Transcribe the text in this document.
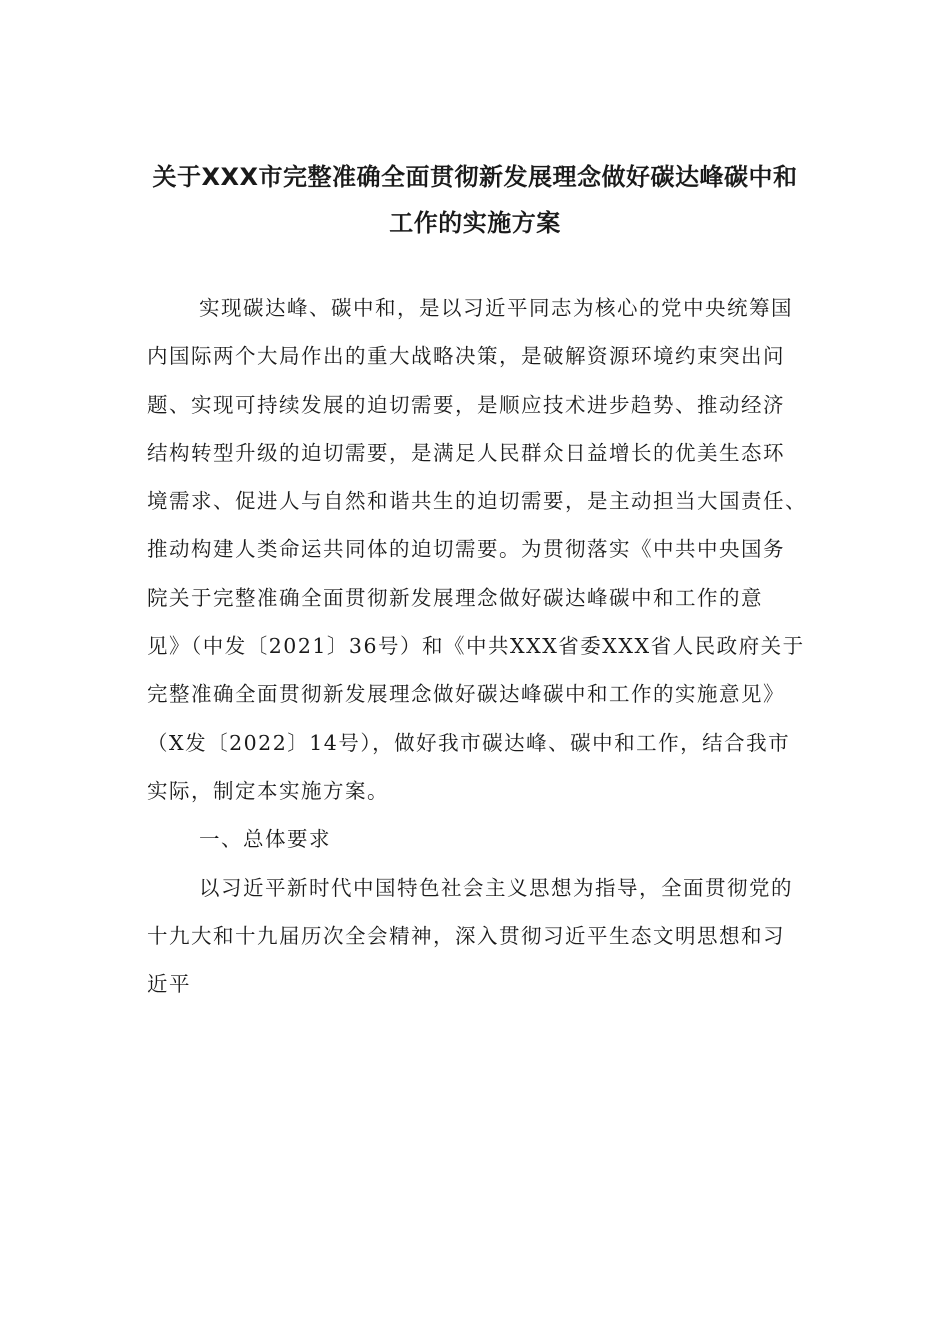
关于XXX市完整准确全面贯彻新发展理念做好碳达峰碳中和
工作的实施方案
实现碳达峰、碳中和，是以习近平同志为核心的党中央统筹国
内国际两个大局作出的重大战略决策，是破解资源环境约束突出问
题、实现可持续发展的迫切需要，是顺应技术进步趋势、推动经济
结构转型升级的迫切需要，是满足人民群众日益增长的优美生态环
境需求、促进人与自然和谐共生的迫切需要，是主动担当大国责任、
推动构建人类命运共同体的迫切需要。为贯彻落实《中共中央国务
院关于完整准确全面贯彻新发展理念做好碳达峰碳中和工作的意
见》（中发〔2021〕36号）和《中共XXX省委XXX省人民政府关于
完整准确全面贯彻新发展理念做好碳达峰碳中和工作的实施意见》
（X发〔2022〕14号），做好我市碳达峰、碳中和工作，结合我市
实际，制定本实施方案。
一、总体要求
以习近平新时代中国特色社会主义思想为指导，全面贯彻党的
十九大和十九届历次全会精神，深入贯彻习近平生态文明思想和习
近平
